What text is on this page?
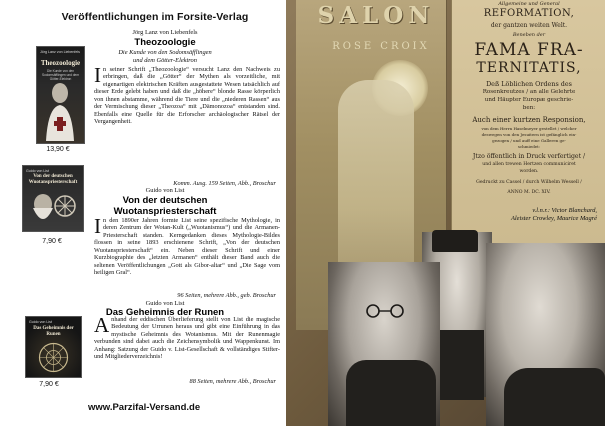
Veröffentlichungen im Forsite-Verlag
Jörg Lanz von Liebenfels
Theozoologie
Die Kunde von den Sodomsäfflingen
und dem Götter-Elektron
Jörg Lanz von Liebenfels
Theozoologie
Die Kunde von den Sodomsäfflingen und dem Götter-Elektron
13,90 €
In seiner Schrift „Theozoologie“ versucht Lanz den Nachweis zu erbringen, daß die „Götter“ der Mythen als vorzeitliche, mit eigenartigen elektrischen Kräften ausgestattete Wesen tatsächlich auf dieser Erde gelebt haben und daß die „höhere“ blonde Rasse körperlich von ihnen abstamme, während die Tiere und die „niederen Rassen“ aus der Vermischung dieser „Theozoa“ mit „Dämonozoa“ entstanden sind. Ebenfalls eine Quelle für die Erforscher archäologischer Rätsel der Vergangenheit.
Komm. Ausg. 159 Seiten, Abb., Broschur
Guido von List
Von der deutschen
Wuotanspriesterschaft
Guido von List
Von der deutschen Wuotanspriesterschaft
7,90 €
In den 1890er Jahren formte List seine spezifische Mythologie, in deren Zentrum der Wotan-Kult („Wuotanismus“) und die Armanen-Priesterschaft standen. Kerngedanken dieses Mythologie-Bildes flossen in seine 1893 erschienene Schrift, „Von der deutschen Wuotanspriesterschaft“ ein. Neben dieser Schrift und einer Kurzbiographie des „letzten Armanen“ enthält dieser Band auch die seltenen Veröffentlichungen „Gott als Gibor-altar“ und „Die Sage vom heiligen Gral“.
96 Seiten, mehrere Abb., geb. Broschur
Guido von List
Das Geheimnis der Runen
Guido von List
Das Geheimnis der Runen
7,90 €
Anhand der eddischen Überlieferung stellt von List die magische Bedeutung der Urrunen heraus und gibt eine Einführung in das mystische Geheimnis des Wotanismus. Mit der Runenmagie verbunden sind dabei auch die Zeichensymbolik und Wappenkunst. Im Anhang: Satzung der Guido v. List-Gesellschaft & vollständiges Stifter- und Mitgliederverzeichnis!
88 Seiten, mehrere Abb., Broschur
www.Parzifal-Versand.de
SALON
ROSE CROIX
Allgemeine und General
REFORMATION,
der gantzen weiten Welt.
Beneben der
FAMA FRA-
TERNITATIS,
Deß Löblichen Ordens des
Rosenkreutzes / an alle Gelehrte
und Häupter Europæ geschrie-
ben:
Auch einer kurtzen Responsion,
von dem Herrn Haselmeyer gestellet / welcher
deswegen von den Jesuitern ist gefänglich ein-
gezogen / und auff eine Galleren ge-
schmiedet:
Jtzo öffentlich in Druck verfertiget /
und allen trewen Hertzen communiciret
worden.
Gedruckt zu Cassel / durch Wilhelm Wessell /
ANNO M. DC. XIV.
v.l.n.r.: Victor Blanchard,
Aleister Crowley, Maurice Magré
